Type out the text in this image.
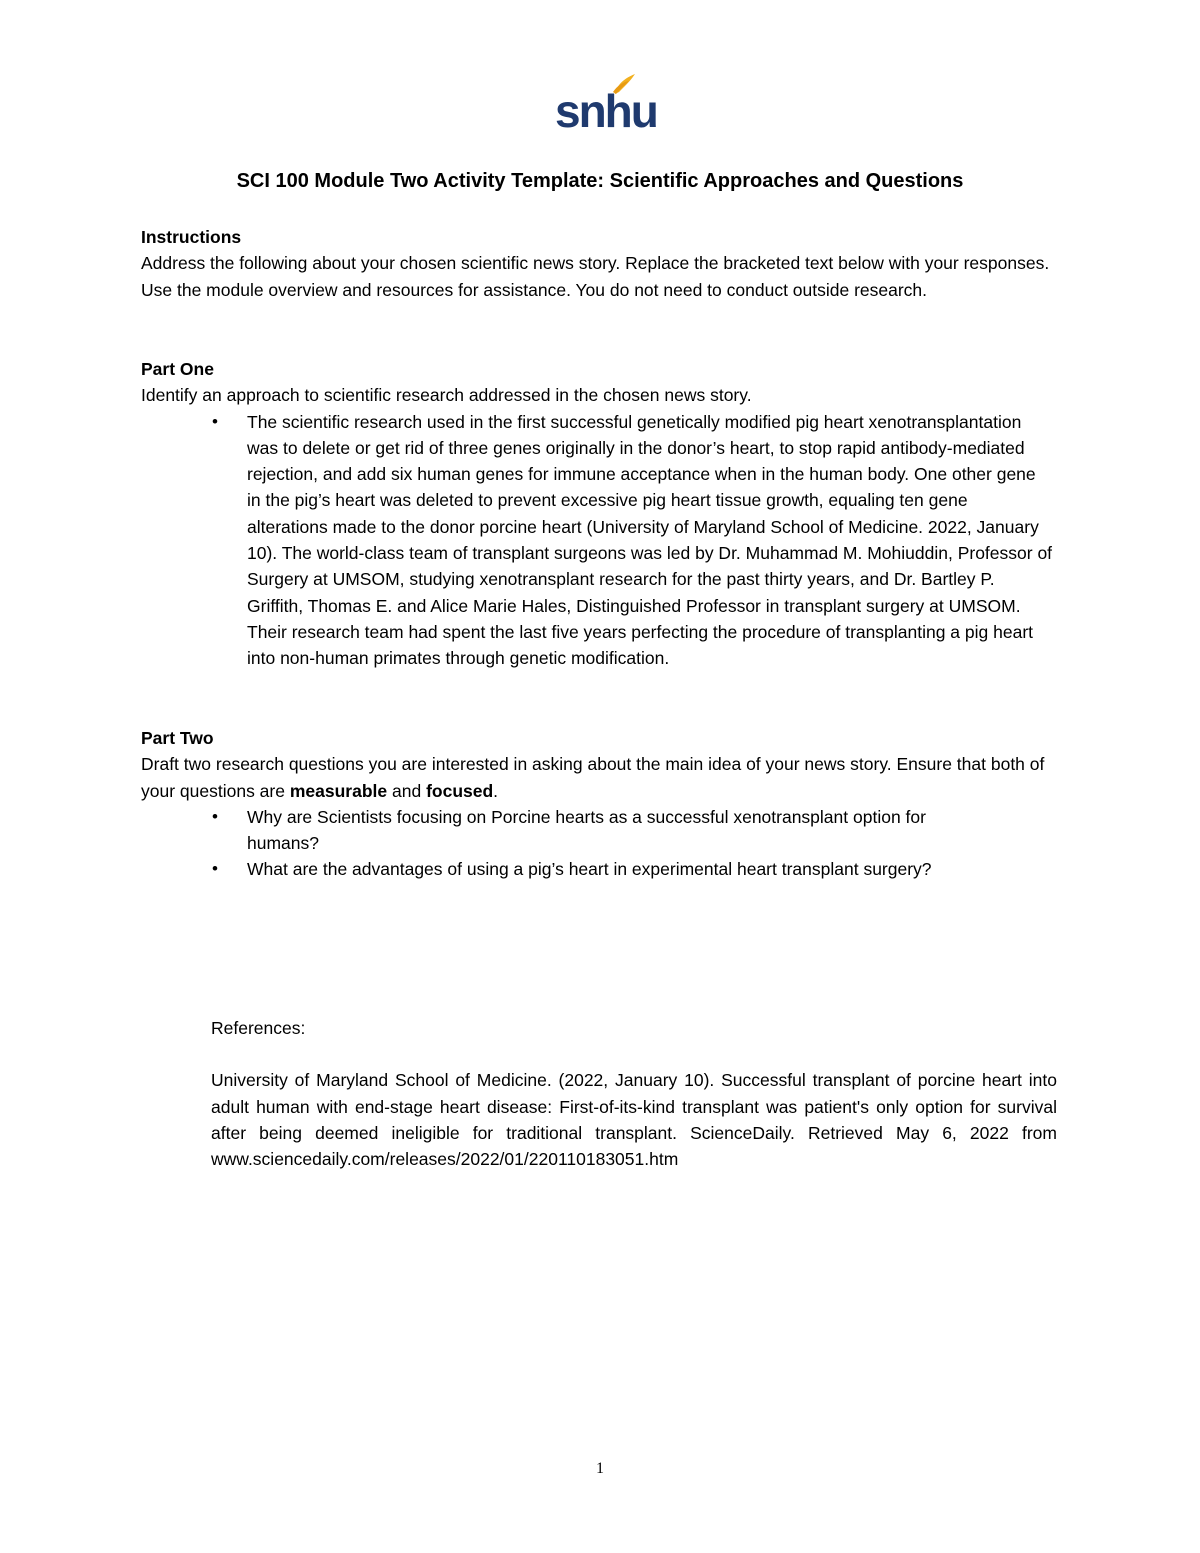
snhu
SCI 100 Module Two Activity Template: Scientific Approaches and Questions
Instructions

Address the following about your chosen scientific news story. Replace the bracketed text below with your responses. Use the module overview and resources for assistance. You do not need to conduct outside research.

Part One

Identify an approach to scientific research addressed in the chosen news story.

• The scientific research used in the first successful genetically modified pig heart xenotransplantation was to delete or get rid of three genes originally in the donor’s heart, to stop rapid antibody-mediated rejection, and add six human genes for immune acceptance when in the human body. One other gene in the pig’s heart was deleted to prevent excessive pig heart tissue growth, equaling ten gene alterations made to the donor porcine heart (University of Maryland School of Medicine. 2022, January 10). The world-class team of transplant surgeons was led by Dr. Muhammad M. Mohiuddin, Professor of Surgery at UMSOM, studying xenotransplant research for the past thirty years, and Dr. Bartley P. Griffith, Thomas E. and Alice Marie Hales, Distinguished Professor in transplant surgery at UMSOM. Their research team had spent the last five years perfecting the procedure of transplanting a pig heart into non-human primates through genetic modification.
Part Two

Draft two research questions you are interested in asking about the main idea of your news story. Ensure that both of your questions are measurable and focused.

• Why are Scientists focusing on Porcine hearts as a successful xenotransplant option for humans?
• What are the advantages of using a pig’s heart in experimental heart transplant surgery?
References:

University of Maryland School of Medicine. (2022, January 10). Successful transplant of porcine heart into adult human with end-stage heart disease: First-of-its-kind transplant was patient's only option for survival after being deemed ineligible for traditional transplant. ScienceDaily. Retrieved May 6, 2022 from www.sciencedaily.com/releases/2022/01/220110183051.htm

1
